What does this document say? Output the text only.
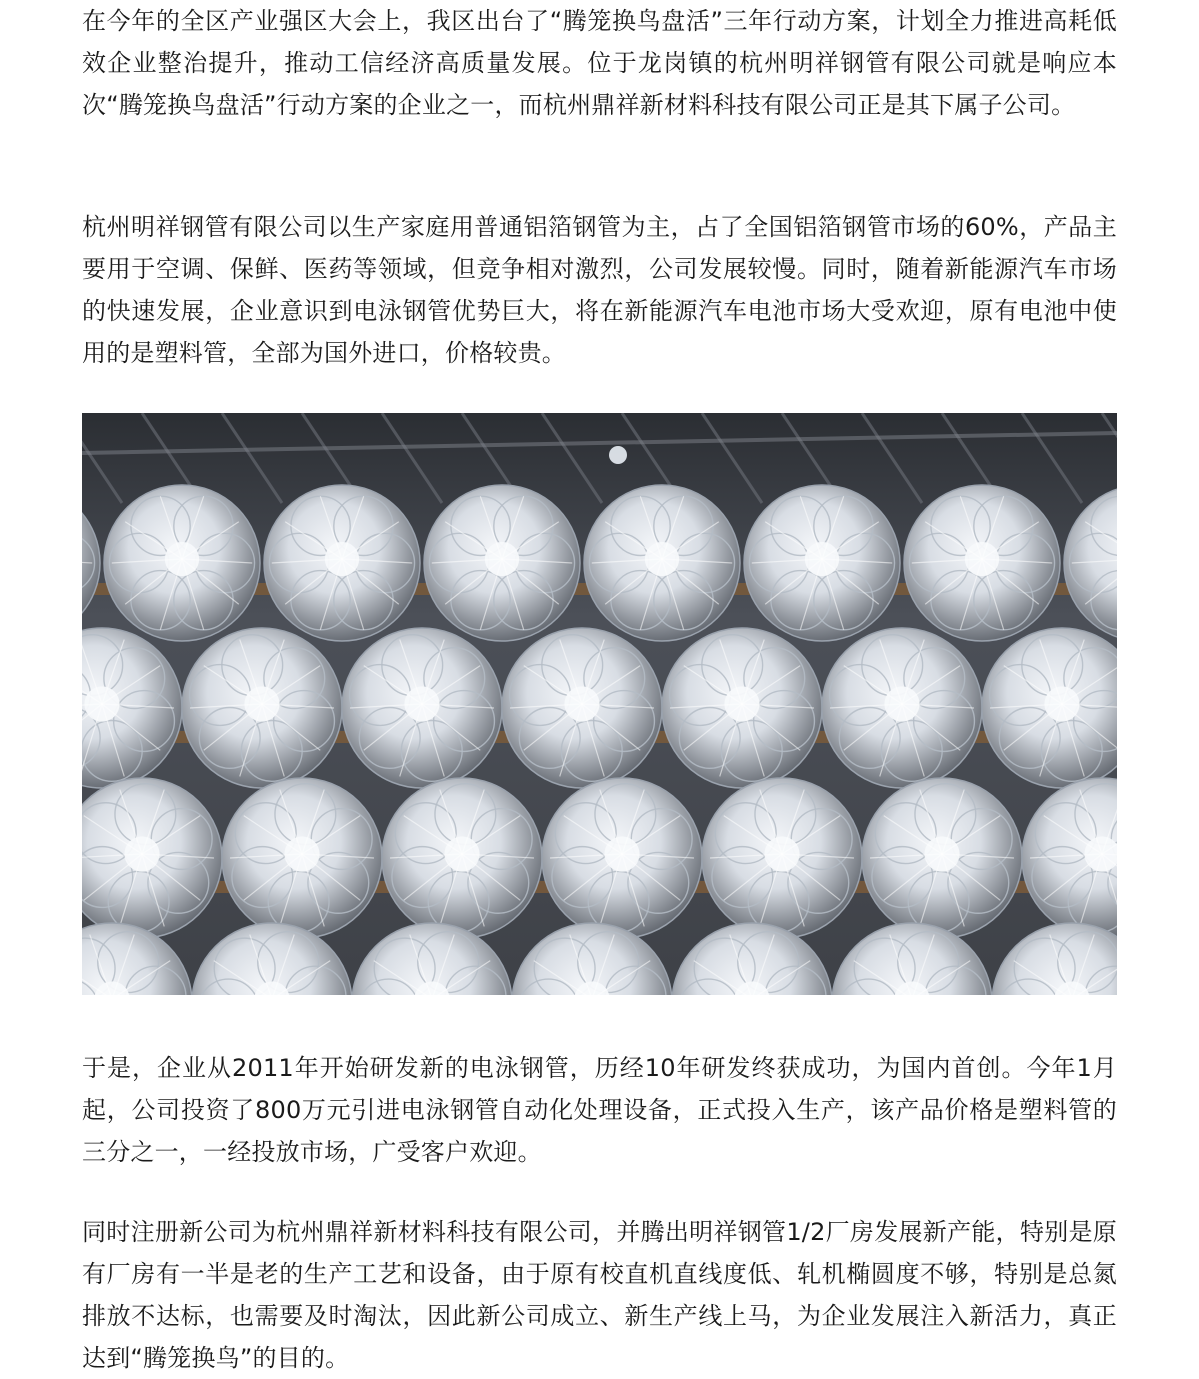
在今年的全区产业强区大会上，我区出台了“腾笼换鸟盘活”三年行动方案，计划全力推进高耗低效企业整治提升，推动工信经济高质量发展。位于龙岗镇的杭州明祥钢管有限公司就是响应本次“腾笼换鸟盘活”行动方案的企业之一，而杭州鼎祥新材料科技有限公司正是其下属子公司。

杭州明祥钢管有限公司以生产家庭用普通铝箔钢管为主，占了全国铝箔钢管市场的60%，产品主要用于空调、保鲜、医药等领域，但竞争相对激烈，公司发展较慢。同时，随着新能源汽车市场的快速发展，企业意识到电泳钢管优势巨大，将在新能源汽车电池市场大受欢迎，原有电池中使用的是塑料管，全部为国外进口，价格较贵。

于是，企业从2011年开始研发新的电泳钢管，历经10年研发终获成功，为国内首创。今年1月起，公司投资了800万元引进电泳钢管自动化处理设备，正式投入生产，该产品价格是塑料管的三分之一，一经投放市场，广受客户欢迎。

同时注册新公司为杭州鼎祥新材料科技有限公司，并腾出明祥钢管1/2厂房发展新产能，特别是原有厂房有一半是老的生产工艺和设备，由于原有校直机直线度低、轧机椭圆度不够，特别是总氮排放不达标，也需要及时淘汰，因此新公司成立、新生产线上马，为企业发展注入新活力，真正达到“腾笼换鸟”的目的。
